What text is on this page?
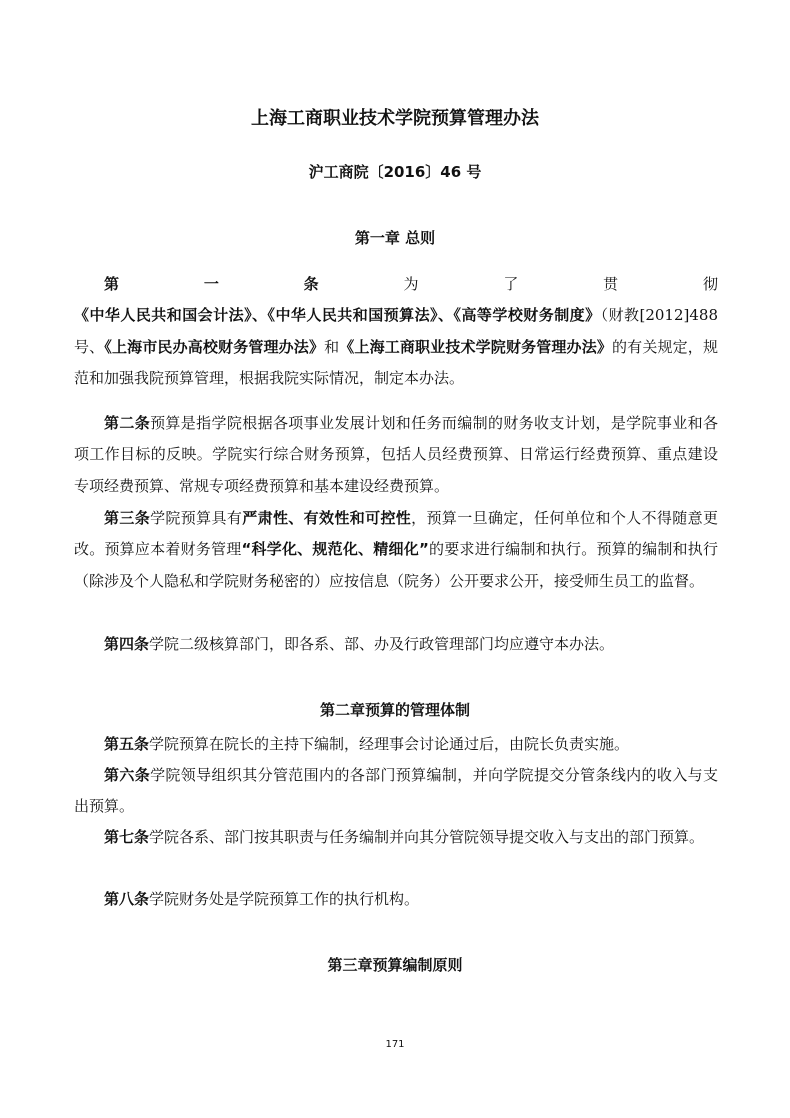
上海工商职业技术学院预算管理办法
沪工商院〔2016〕46 号
第一章 总则

第一条为了贯彻《中华人民共和国会计法》、《中华人民共和国预算法》、《高等学校财务制度》（财教[2012]488 号、《上海市民办高校财务管理办法》和《上海工商职业技术学院财务管理办法》的有关规定，规范和加强我院预算管理，根据我院实际情况，制定本办法。

第二条预算是指学院根据各项事业发展计划和任务而编制的财务收支计划，是学院事业和各项工作目标的反映。学院实行综合财务预算，包括人员经费预算、日常运行经费预算、重点建设专项经费预算、常规专项经费预算和基本建设经费预算。

第三条学院预算具有严肃性、有效性和可控性，预算一旦确定，任何单位和个人不得随意更改。预算应本着财务管理“科学化、规范化、精细化”的要求进行编制和执行。预算的编制和执行（除涉及个人隐私和学院财务秘密的）应按信息（院务）公开要求公开，接受师生员工的监督。

第四条学院二级核算部门，即各系、部、办及行政管理部门均应遵守本办法。

第二章预算的管理体制

第五条学院预算在院长的主持下编制，经理事会讨论通过后，由院长负责实施。

第六条学院领导组织其分管范围内的各部门预算编制，并向学院提交分管条线内的收入与支出预算。

第七条学院各系、部门按其职责与任务编制并向其分管院领导提交收入与支出的部门预算。

第八条学院财务处是学院预算工作的执行机构。

第三章预算编制原则
171
